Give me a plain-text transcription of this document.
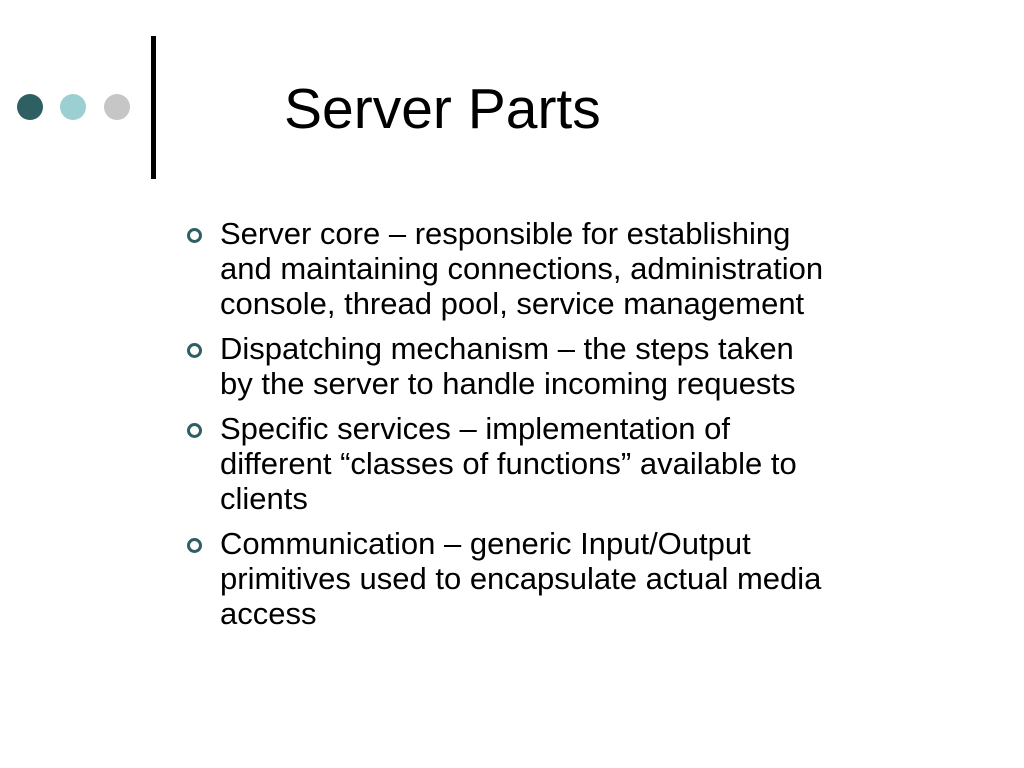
Server Parts
Server core – responsible for establishing
and maintaining connections, administration
console, thread pool, service management
Dispatching mechanism – the steps taken
by the server to handle incoming requests
Specific services – implementation of
different “classes of functions” available to
clients
Communication – generic Input/Output
primitives used to encapsulate actual media
access
